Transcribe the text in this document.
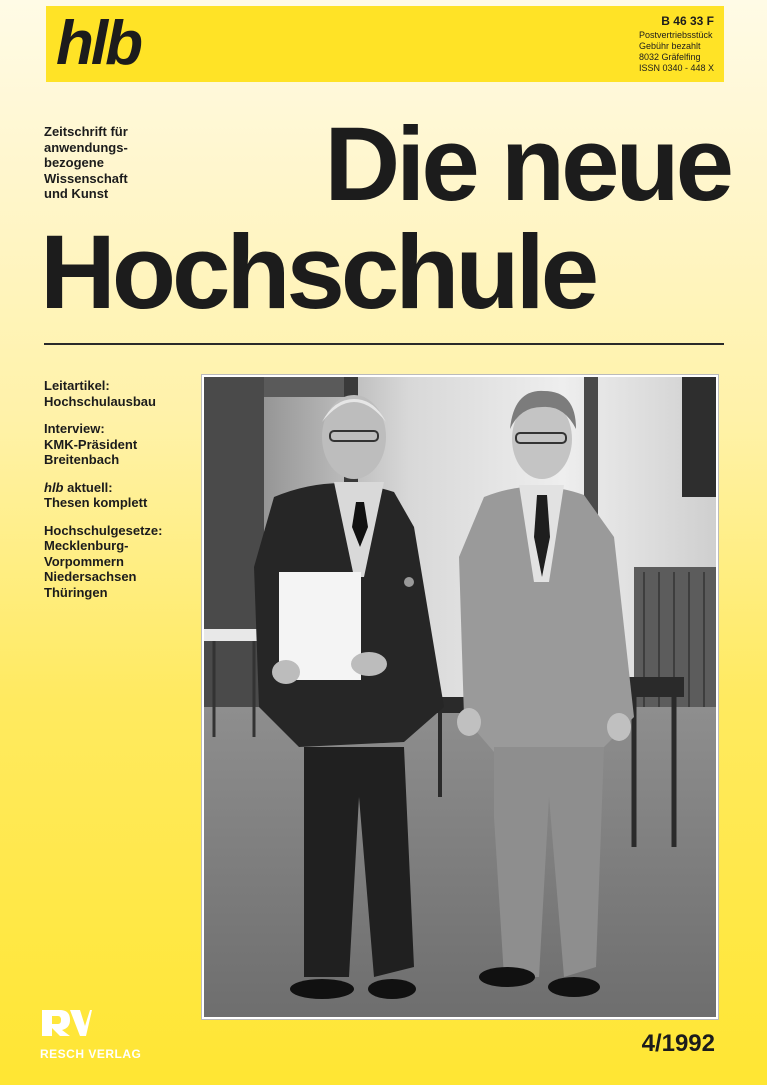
hlb	B 46 33 F
Postvertriebsstück
Gebühr bezahlt
8032 Gräfelfing
ISSN 0340 - 448 X
Zeitschrift für
anwendungs-
bezogene
Wissenschaft
und Kunst	Die neue
Hochschule
Leitartikel:
Hochschulausbau
Interview:
KMK-Präsident
Breitenbach
hlb aktuell:
Thesen komplett
Hochschulgesetze:
Mecklenburg-
Vorpommern
Niedersachsen
Thüringen
RESCH VERLAG	4/1992
